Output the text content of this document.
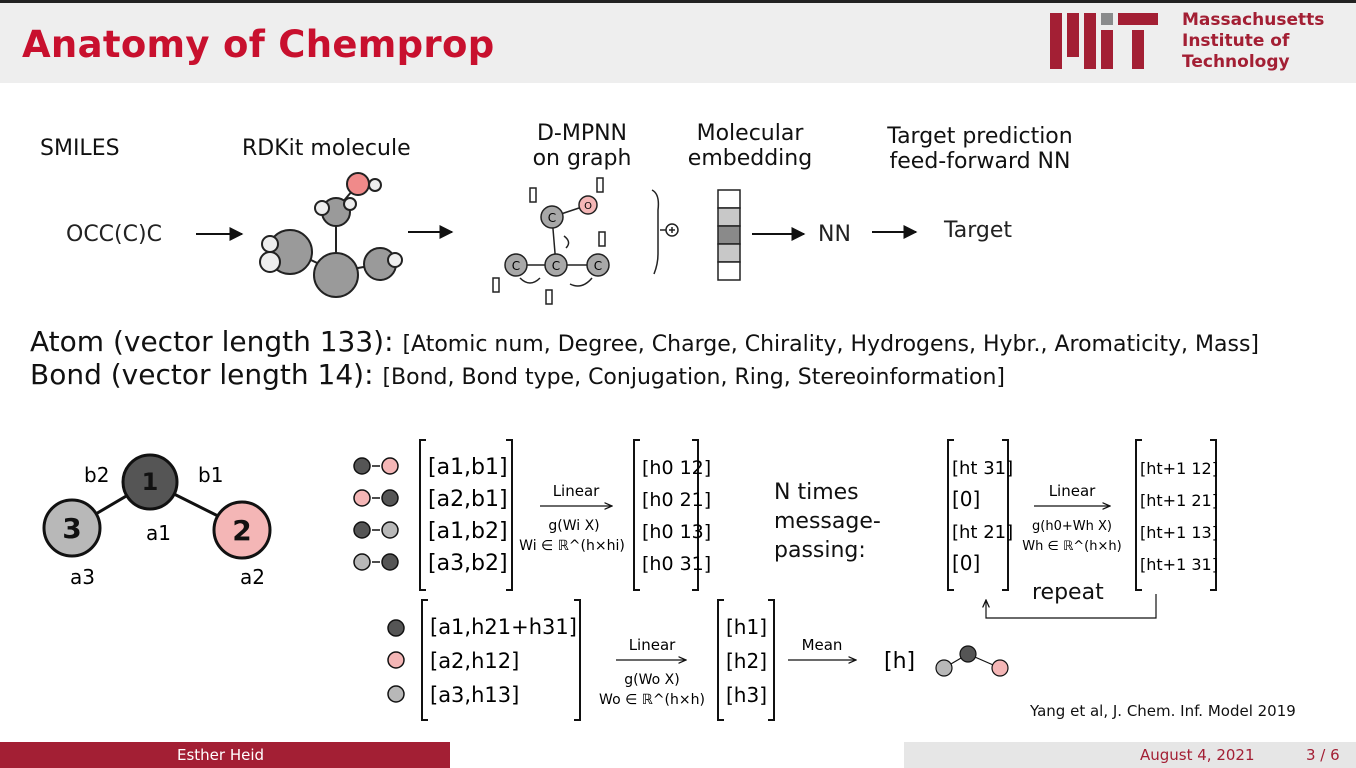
Anatomy of Chemprop
Massachusetts
Institute of
Technology
SMILES	RDKit molecule
D-MPNN
on graph
Molecular
embedding
Target prediction
feed-forward NN
OCC(C)C	NN	Target
C
O
C	C	C
Atom (vector length 133): [Atomic num, Degree, Charge, Chirality, Hydrogens, Hybr., Aromaticity, Mass]
Bond (vector length 14): [Bond, Bond type, Conjugation, Ring, Stereoinformation]
1
2
3
b2	b1
a1
a3	a2
[a1,b1]
[a2,b1]
[a1,b2]
[a3,b2]
Linear
g(Wi X)
Wi ∈ ℝ^(h×hi)
[h0 12]
[h0 21]
[h0 13]
[h0 31]
[ht 31]
[0]
[ht 21]
[0]
Linear
g(h0+Wh X)
Wh ∈ ℝ^(h×h)
[ht+1 12]
[ht+1 21]
[ht+1 13]
[ht+1 31]
[a1,h21+h31]
[a2,h12]
[a3,h13]
Linear
g(Wo X)
Wo ∈ ℝ^(h×h)
[h1]
[h2]
[h3]
Mean
[h]
N times
message-
passing:
repeat
Yang et al, J. Chem. Inf. Model 2019
Esther Heid	August 4, 2021	3 / 6
